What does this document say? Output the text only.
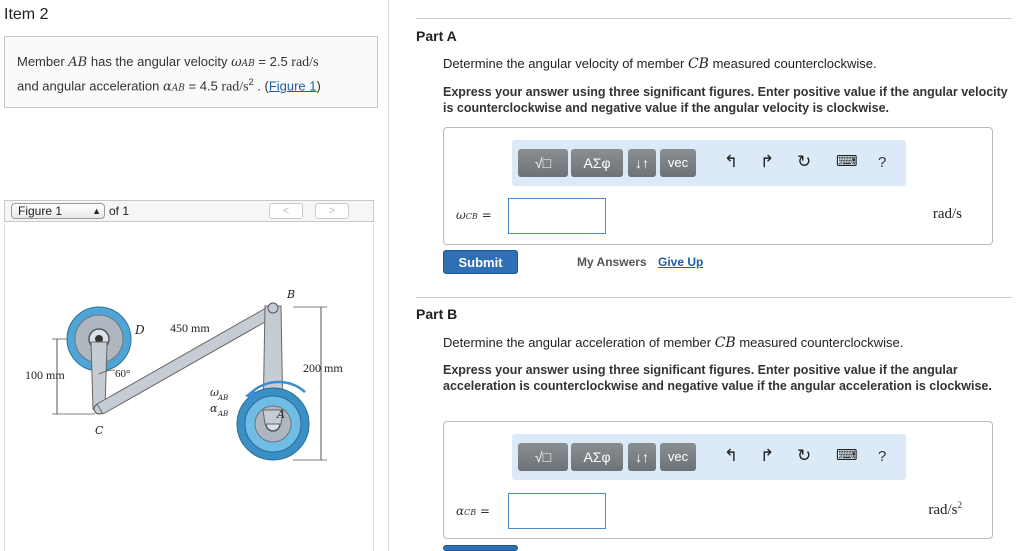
Item 2
Member AB has the angular velocity ωAB = 2.5 rad/s
and angular acceleration αAB = 4.5 rad/$s^2$ . (Figure 1)
Figure 1	▲ of 1	<	>
D
B
C
A
450 mm
200 mm
100 mm	60°
ω AB
α AB
Part A
Determine the angular velocity of member CB measured counterclockwise.
Express your answer using three significant figures. Enter positive value if the angular velocity is counterclockwise and negative value if the angular velocity is clockwise.
√□	ΑΣφ	↓↑	vec	↰ ↱ ↻ ⌨ ?
ωCB =	rad/s
Submit	My Answers Give Up
Part B
Determine the angular acceleration of member CB measured counterclockwise.
Express your answer using three significant figures. Enter positive value if the angular acceleration is counterclockwise and negative value if the angular acceleration is clockwise.
√□	ΑΣφ	↓↑	vec	↰ ↱ ↻ ⌨ ?
αCB =	rad/$s^2$
